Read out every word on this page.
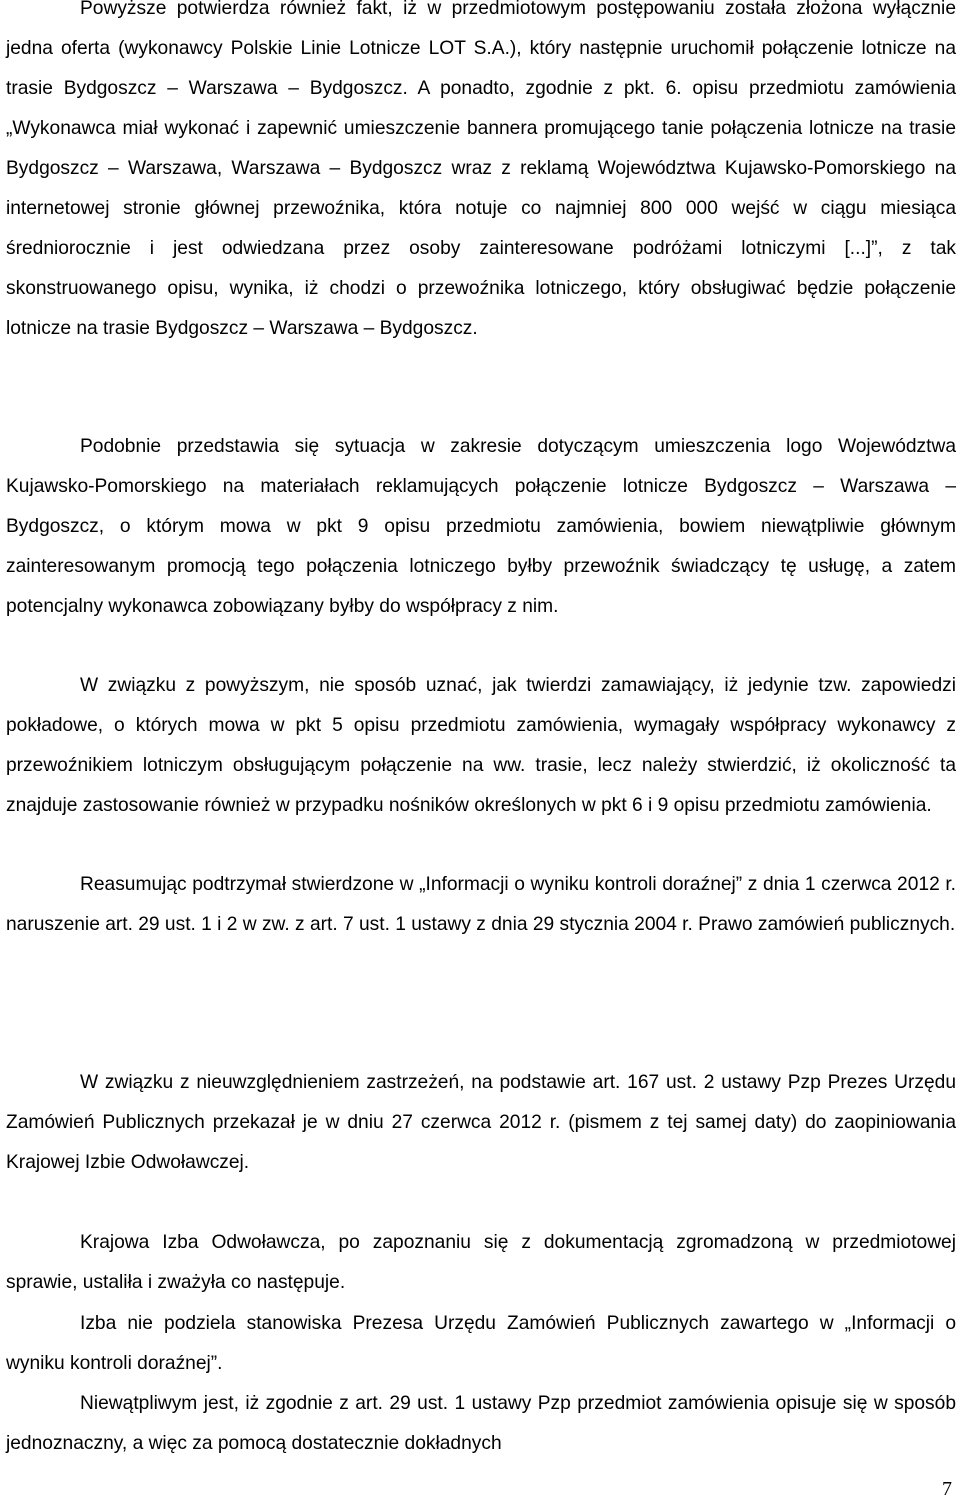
Powyższe potwierdza również fakt, iż w przedmiotowym postępowaniu została złożona wyłącznie jedna oferta (wykonawcy Polskie Linie Lotnicze LOT S.A.), który następnie uruchomił połączenie lotnicze na trasie Bydgoszcz – Warszawa – Bydgoszcz. A ponadto, zgodnie z pkt. 6. opisu przedmiotu zamówienia „Wykonawca miał wykonać i zapewnić umieszczenie bannera promującego tanie połączenia lotnicze na trasie Bydgoszcz – Warszawa, Warszawa – Bydgoszcz wraz z reklamą Województwa Kujawsko-Pomorskiego na internetowej stronie głównej przewoźnika, która notuje co najmniej 800 000 wejść w ciągu miesiąca średniorocznie i jest odwiedzana przez osoby zainteresowane podróżami lotniczymi [...]”, z tak skonstruowanego opisu, wynika, iż chodzi o przewoźnika lotniczego, który obsługiwać będzie połączenie lotnicze na trasie Bydgoszcz – Warszawa – Bydgoszcz.

Podobnie przedstawia się sytuacja w zakresie dotyczącym umieszczenia logo Województwa Kujawsko-Pomorskiego na materiałach reklamujących połączenie lotnicze Bydgoszcz – Warszawa – Bydgoszcz, o którym mowa w pkt 9 opisu przedmiotu zamówienia, bowiem niewątpliwie głównym zainteresowanym promocją tego połączenia lotniczego byłby przewoźnik świadczący tę usługę, a zatem potencjalny wykonawca zobowiązany byłby do współpracy z nim.

W związku z powyższym, nie sposób uznać, jak twierdzi zamawiający, iż jedynie tzw. zapowiedzi pokładowe, o których mowa w pkt 5 opisu przedmiotu zamówienia, wymagały współpracy wykonawcy z przewoźnikiem lotniczym obsługującym połączenie na ww. trasie, lecz należy stwierdzić, iż okoliczność ta znajduje zastosowanie również w przypadku nośników określonych w pkt 6 i 9 opisu przedmiotu zamówienia.

Reasumując podtrzymał stwierdzone w „Informacji o wyniku kontroli doraźnej” z dnia 1 czerwca 2012 r. naruszenie art. 29 ust. 1 i 2 w zw. z art. 7 ust. 1 ustawy z dnia 29 stycznia 2004 r. Prawo zamówień publicznych.

W związku z nieuwzględnieniem zastrzeżeń, na podstawie art. 167 ust. 2 ustawy Pzp Prezes Urzędu Zamówień Publicznych przekazał je w dniu 27 czerwca 2012 r. (pismem z tej samej daty) do zaopiniowania Krajowej Izbie Odwoławczej.

Krajowa Izba Odwoławcza, po zapoznaniu się z dokumentacją zgromadzoną w przedmiotowej sprawie, ustaliła i zważyła co następuje.

Izba nie podziela stanowiska Prezesa Urzędu Zamówień Publicznych zawartego w „Informacji o wyniku kontroli doraźnej”.

Niewątpliwym jest, iż zgodnie z art. 29 ust. 1 ustawy Pzp przedmiot zamówienia opisuje się w sposób jednoznaczny, a więc za pomocą dostatecznie dokładnych

7
